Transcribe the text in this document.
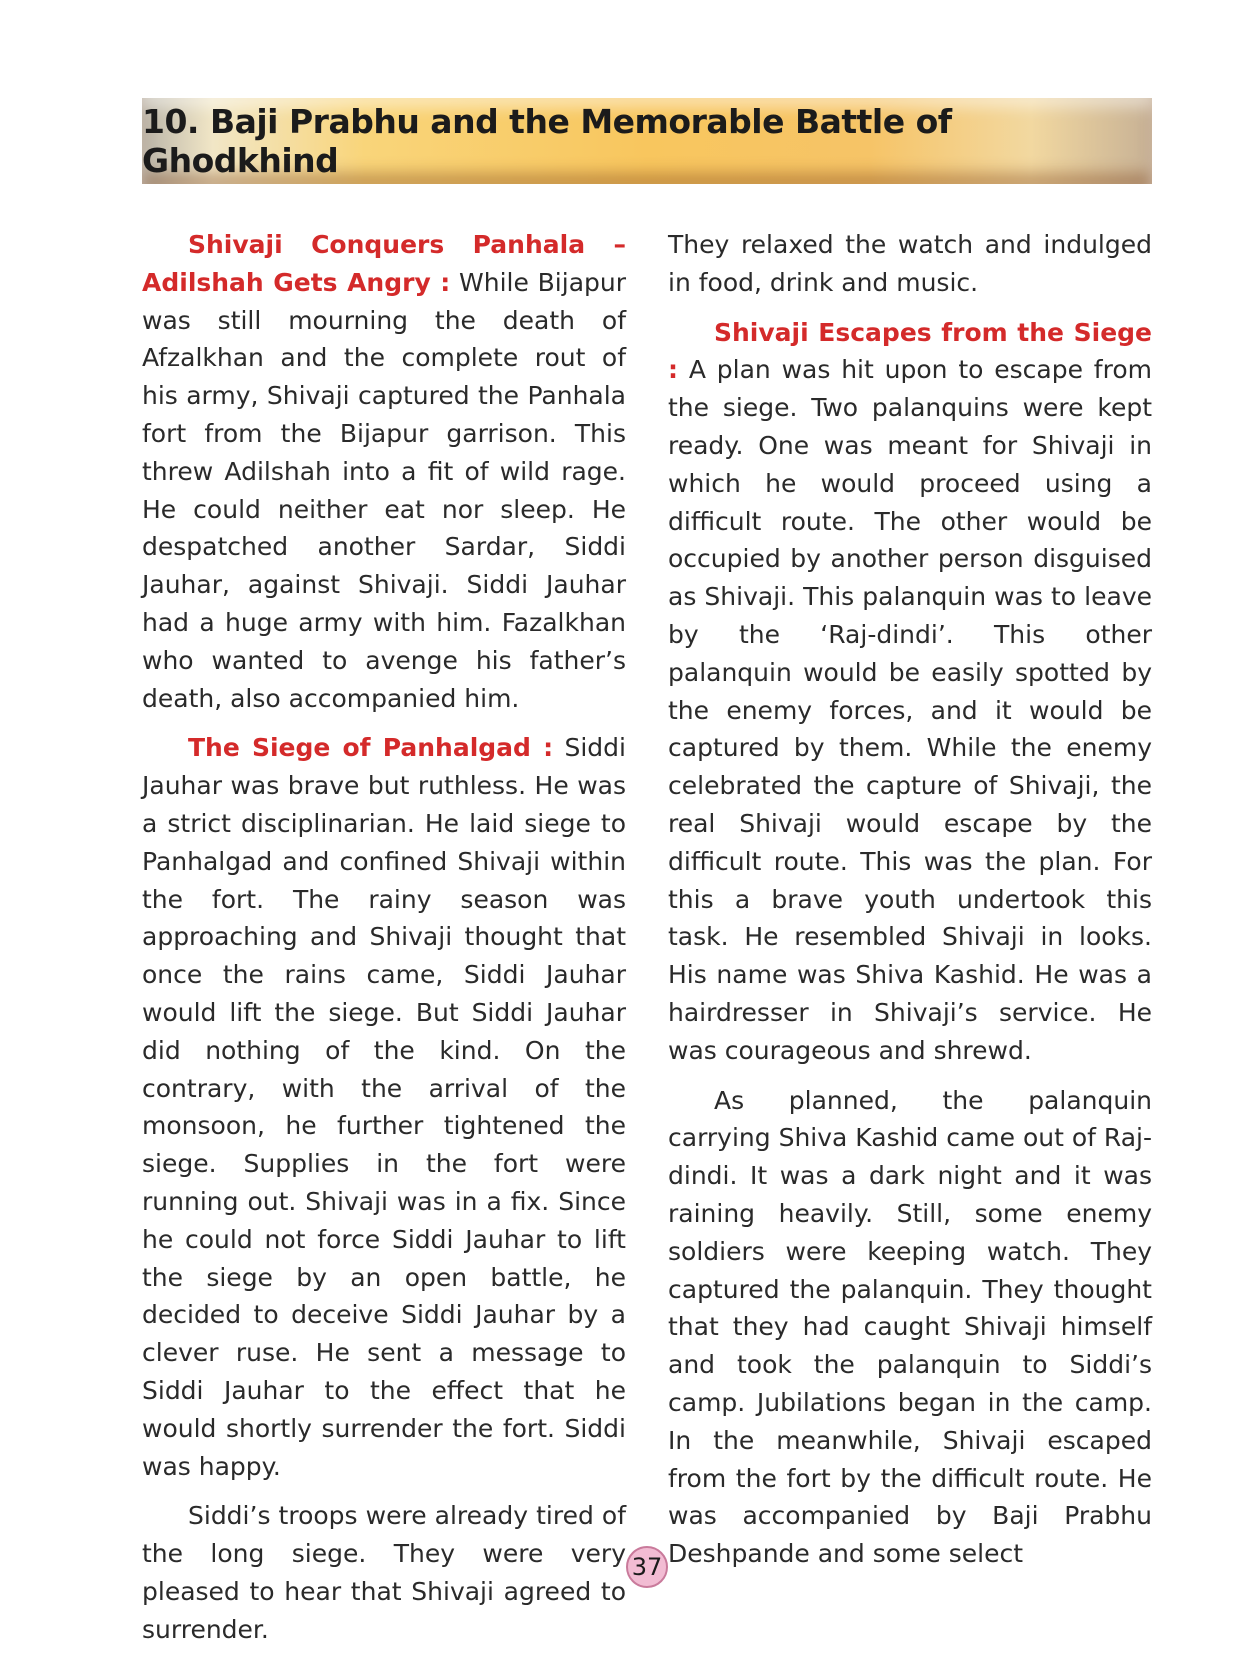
10. Baji Prabhu and the Memorable Battle of Ghodkhind

Shivaji Conquers Panhala – Adilshah Gets Angry : While Bijapur was still mourning the death of Afzalkhan and the complete rout of his army, Shivaji captured the Panhala fort from the Bijapur garrison. This threw Adilshah into a fit of wild rage. He could neither eat nor sleep. He despatched another Sardar, Siddi Jauhar, against Shivaji. Siddi Jauhar had a huge army with him. Fazalkhan who wanted to avenge his father’s death, also accompanied him.

The Siege of Panhalgad : Siddi Jauhar was brave but ruthless. He was a strict disciplinarian. He laid siege to Panhalgad and confined Shivaji within the fort. The rainy season was approaching and Shivaji thought that once the rains came, Siddi Jauhar would lift the siege. But Siddi Jauhar did nothing of the kind. On the contrary, with the arrival of the monsoon, he further tightened the siege. Supplies in the fort were running out. Shivaji was in a fix. Since he could not force Siddi Jauhar to lift the siege by an open battle, he decided to deceive Siddi Jauhar by a clever ruse. He sent a message to Siddi Jauhar to the effect that he would shortly surrender the fort. Siddi was happy.

Siddi’s troops were already tired of the long siege. They were very pleased to hear that Shivaji agreed to surrender.

They relaxed the watch and indulged in food, drink and music.

Shivaji Escapes from the Siege : A plan was hit upon to escape from the siege. Two palanquins were kept ready. One was meant for Shivaji in which he would proceed using a difficult route. The other would be occupied by another person disguised as Shivaji. This palanquin was to leave by the ‘Raj-dindi’. This other palanquin would be easily spotted by the enemy forces, and it would be captured by them. While the enemy celebrated the capture of Shivaji, the real Shivaji would escape by the difficult route. This was the plan. For this a brave youth undertook this task. He resembled Shivaji in looks. His name was Shiva Kashid. He was a hairdresser in Shivaji’s service. He was courageous and shrewd.

As planned, the palanquin carrying Shiva Kashid came out of Raj-dindi. It was a dark night and it was raining heavily. Still, some enemy soldiers were keeping watch. They captured the palanquin. They thought that they had caught Shivaji himself and took the palanquin to Siddi’s camp. Jubilations began in the camp. In the meanwhile, Shivaji escaped from the fort by the difficult route. He was accompanied by Baji Prabhu Deshpande and some select

37
